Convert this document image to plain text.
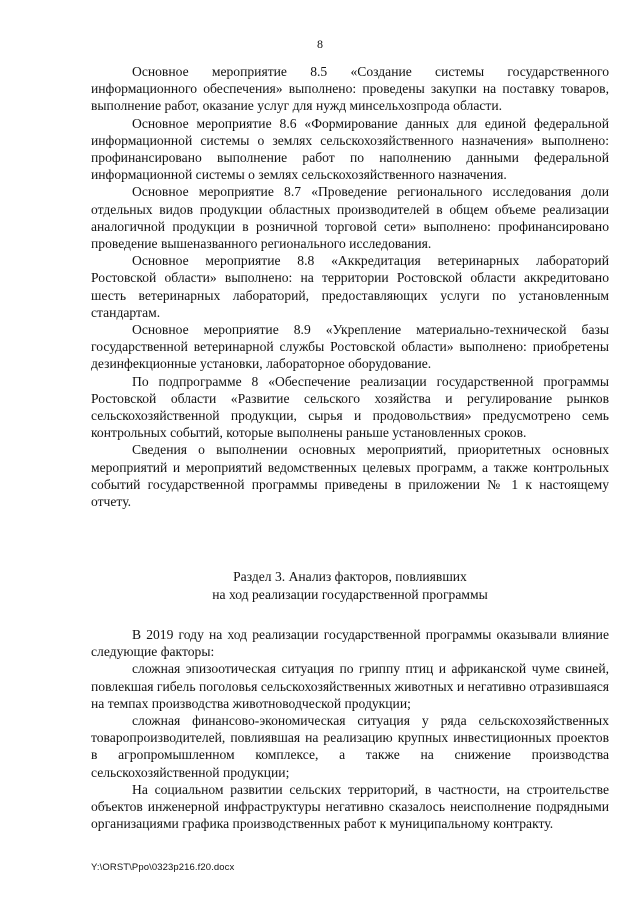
8

Основное мероприятие 8.5 «Создание системы государственного информационного обеспечения» выполнено: проведены закупки на поставку товаров, выполнение работ, оказание услуг для нужд минсельхозпрода области.

Основное мероприятие 8.6 «Формирование данных для единой федеральной информационной системы о землях сельскохозяйственного назначения» выполнено: профинансировано выполнение работ по наполнению данными федеральной информационной системы о землях сельскохозяйственного назначения.

Основное мероприятие 8.7 «Проведение регионального исследования доли отдельных видов продукции областных производителей в общем объеме реализации аналогичной продукции в розничной торговой сети» выполнено: профинансировано проведение вышеназванного регионального исследования.

Основное мероприятие 8.8 «Аккредитация ветеринарных лабораторий Ростовской области» выполнено: на территории Ростовской области аккредитовано шесть ветеринарных лабораторий, предоставляющих услуги по установленным стандартам.

Основное мероприятие 8.9 «Укрепление материально-технической базы государственной ветеринарной службы Ростовской области» выполнено: приобретены дезинфекционные установки, лабораторное оборудование.

По подпрограмме 8 «Обеспечение реализации государственной программы Ростовской области «Развитие сельского хозяйства и регулирование рынков сельскохозяйственной продукции, сырья и продовольствия» предусмотрено семь контрольных событий, которые выполнены раньше установленных сроков.

Сведения о выполнении основных мероприятий, приоритетных основных мероприятий и мероприятий ведомственных целевых программ, а также контрольных событий государственной программы приведены в приложении № 1 к настоящему отчету.

Раздел 3. Анализ факторов, повлиявших
на ход реализации государственной программы

В 2019 году на ход реализации государственной программы оказывали влияние следующие факторы:

сложная эпизоотическая ситуация по гриппу птиц и африканской чуме свиней, повлекшая гибель поголовья сельскохозяйственных животных и негативно отразившаяся на темпах производства животноводческой продукции;

сложная финансово-экономическая ситуация у ряда сельскохозяйственных товаропроизводителей, повлиявшая на реализацию крупных инвестиционных проектов в агропромышленном комплексе, а также на снижение производства сельскохозяйственной продукции;

На социальном развитии сельских территорий, в частности, на строительстве объектов инженерной инфраструктуры негативно сказалось неисполнение подрядными организациями графика производственных работ к муниципальному контракту.

Y:\ORST\Ppo\0323p216.f20.docx
